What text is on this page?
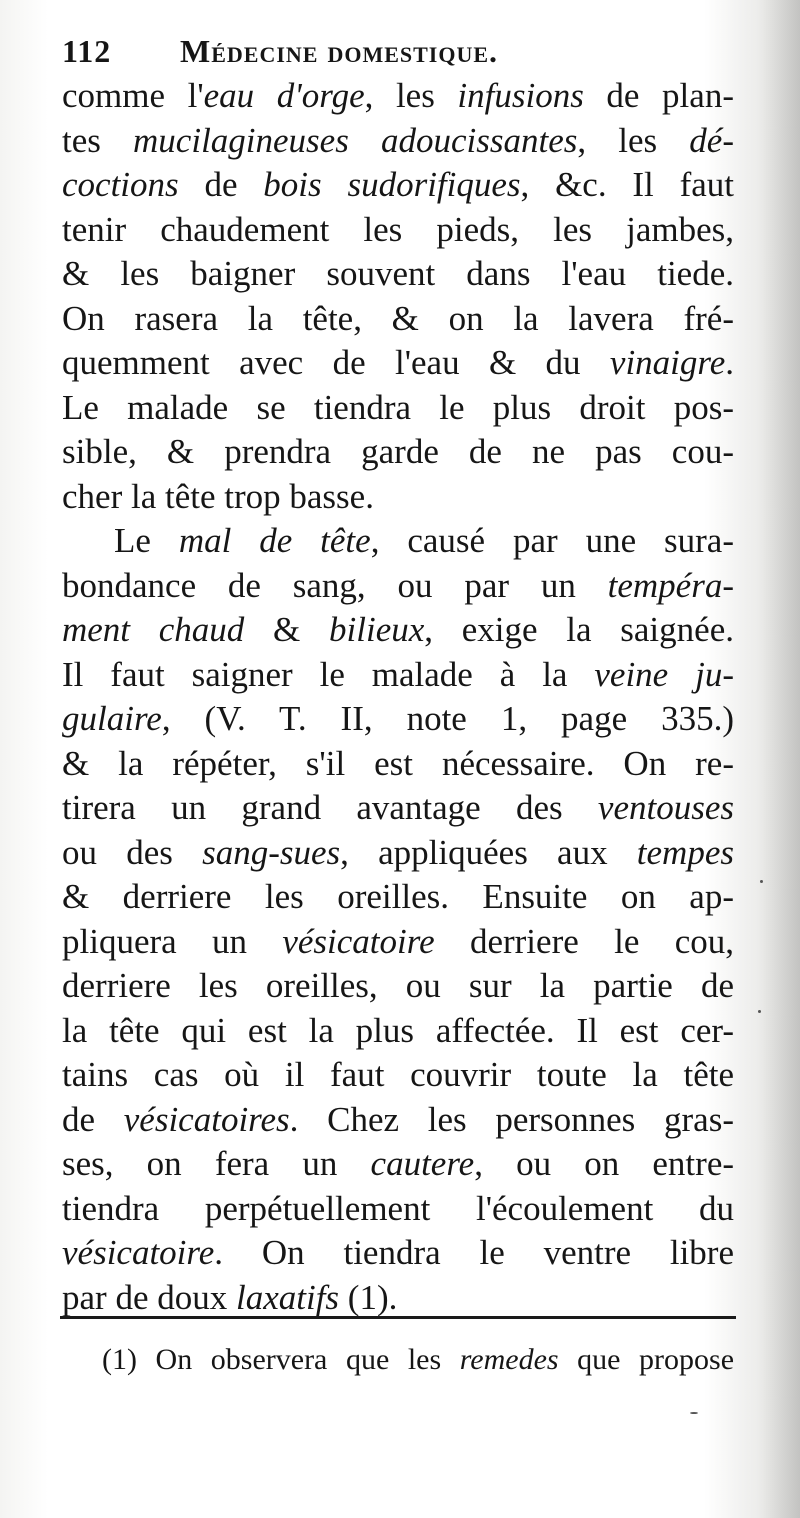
112 Médecine domestique.
comme l'eau d'orge, les infusions de plan-
tes mucilagineuses adoucissantes, les dé-
coctions de bois sudorifiques, &c. Il faut
tenir chaudement les pieds, les jambes,
& les baigner souvent dans l'eau tiede.
On rasera la tête, & on la lavera fré-
quemment avec de l'eau & du vinaigre.
Le malade se tiendra le plus droit pos-
sible, & prendra garde de ne pas cou-
cher la tête trop basse.
Le mal de tête, causé par une sura-
bondance de sang, ou par un tempéra-
ment chaud & bilieux, exige la saignée.
Il faut saigner le malade à la veine ju-
gulaire, (V. T. II, note 1, page 335.)
& la répéter, s'il est nécessaire. On re-
tirera un grand avantage des ventouses
ou des sang-sues, appliquées aux tempes
& derriere les oreilles. Ensuite on ap-
pliquera un vésicatoire derriere le cou,
derriere les oreilles, ou sur la partie de
la tête qui est la plus affectée. Il est cer-
tains cas où il faut couvrir toute la tête
de vésicatoires. Chez les personnes gras-
ses, on fera un cautere, ou on entre-
tiendra perpétuellement l'écoulement du
vésicatoire. On tiendra le ventre libre
par de doux laxatifs (1).
(1) On observera que les remedes que propose
